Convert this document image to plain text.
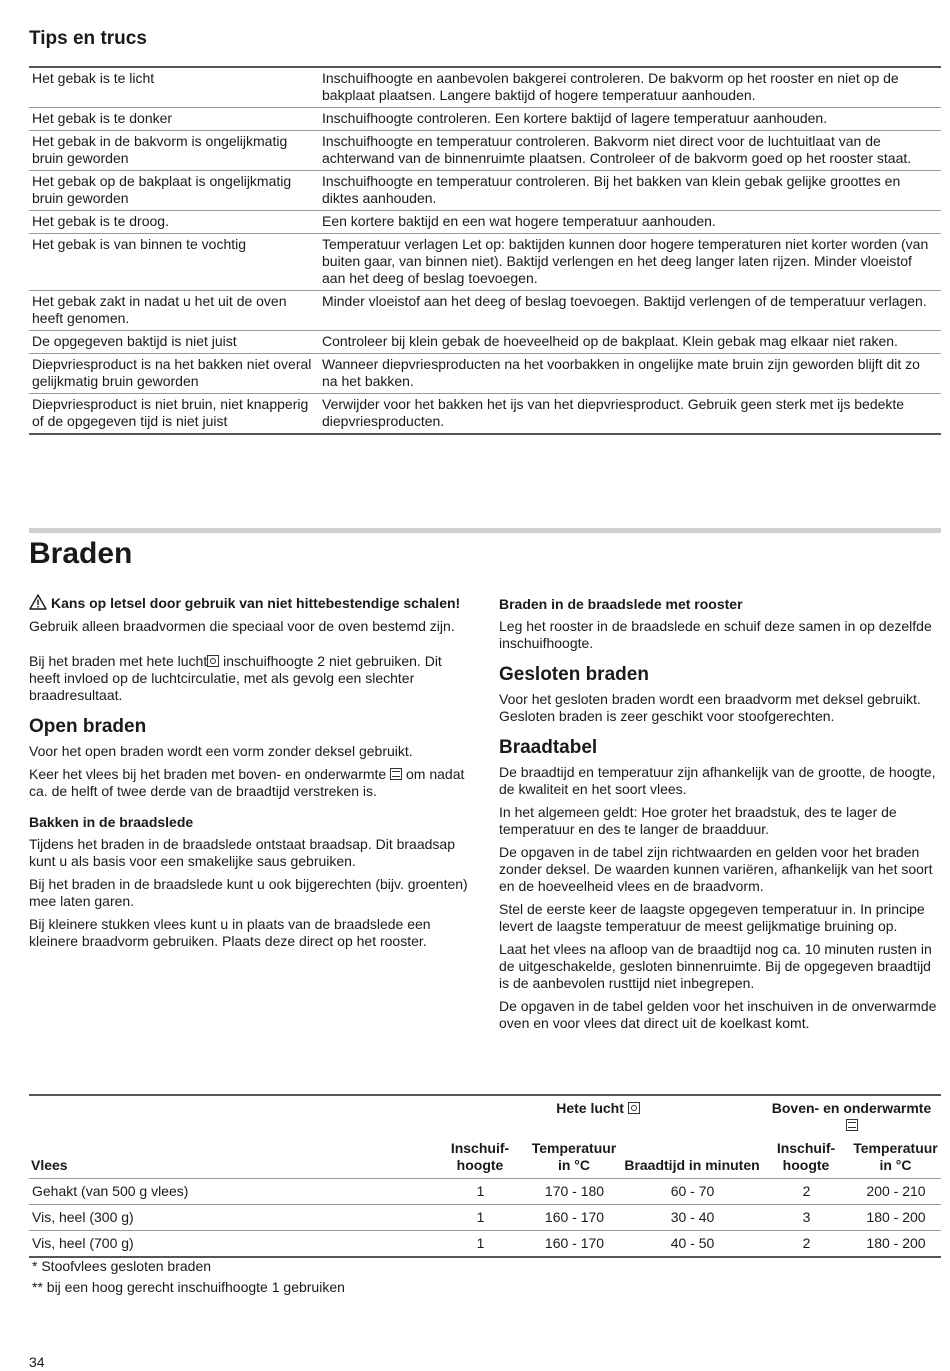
Tips en trucs
Het gebak is te licht	Inschuifhoogte en aanbevolen bakgerei controleren. De bakvorm op het rooster en niet op de bakplaat plaatsen. Langere baktijd of hogere temperatuur aanhouden.
Het gebak is te donker	Inschuifhoogte controleren. Een kortere baktijd of lagere temperatuur aanhouden.
Het gebak in de bakvorm is ongelijkmatig bruin geworden	Inschuifhoogte en temperatuur controleren. Bakvorm niet direct voor de luchtuitlaat van de achterwand van de binnenruimte plaatsen. Controleer of de bakvorm goed op het rooster staat.
Het gebak op de bakplaat is ongelijkmatig bruin geworden	Inschuifhoogte en temperatuur controleren. Bij het bakken van klein gebak gelijke groottes en diktes aanhouden.
Het gebak is te droog.	Een kortere baktijd en een wat hogere temperatuur aanhouden.
Het gebak is van binnen te vochtig	Temperatuur verlagen Let op: baktijden kunnen door hogere temperaturen niet korter worden (van buiten gaar, van binnen niet). Baktijd verlengen en het deeg langer laten rijzen. Minder vloeistof aan het deeg of beslag toevoegen.
Het gebak zakt in nadat u het uit de oven heeft genomen.	Minder vloeistof aan het deeg of beslag toevoegen. Baktijd verlengen of de temperatuur verlagen.
De opgegeven baktijd is niet juist	Controleer bij klein gebak de hoeveelheid op de bakplaat. Klein gebak mag elkaar niet raken.
Diepvriesproduct is na het bakken niet overal gelijkmatig bruin geworden	Wanneer diepvriesproducten na het voorbakken in ongelijke mate bruin zijn geworden blijft dit zo na het bakken.
Diepvriesproduct is niet bruin, niet knapperig of de opgegeven tijd is niet juist	Verwijder voor het bakken het ijs van het diepvriesproduct. Gebruik geen sterk met ijs bedekte diepvriesproducten.
Braden

Kans op letsel door gebruik van niet hittebestendige schalen!

Gebruik alleen braadvormen die speciaal voor de oven bestemd zijn.

Bij het braden met hete lucht inschuifhoogte 2 niet gebruiken. Dit heeft invloed op de luchtcirculatie, met als gevolg een slechter braadresultaat.

Open braden

Voor het open braden wordt een vorm zonder deksel gebruikt.

Keer het vlees bij het braden met boven- en onderwarmte om nadat ca. de helft of twee derde van de braadtijd verstreken is.

Bakken in de braadslede

Tijdens het braden in de braadslede ontstaat braadsap. Dit braadsap kunt u als basis voor een smakelijke saus gebruiken.

Bij het braden in de braadslede kunt u ook bijgerechten (bijv. groenten) mee laten garen.

Bij kleinere stukken vlees kunt u in plaats van de braadslede een kleinere braadvorm gebruiken. Plaats deze direct op het rooster.

Braden in de braadslede met rooster

Leg het rooster in de braadslede en schuif deze samen in op dezelfde inschuifhoogte.

Gesloten braden

Voor het gesloten braden wordt een braadvorm met deksel gebruikt. Gesloten braden is zeer geschikt voor stoofgerechten.

Braadtabel

De braadtijd en temperatuur zijn afhankelijk van de grootte, de hoogte, de kwaliteit en het soort vlees.

In het algemeen geldt: Hoe groter het braadstuk, des te lager de temperatuur en des te langer de braadduur.

De opgaven in de tabel zijn richtwaarden en gelden voor het braden zonder deksel. De waarden kunnen variëren, afhankelijk van het soort en de hoeveelheid vlees en de braadvorm.

Stel de eerste keer de laagste opgegeven temperatuur in. In principe levert de laagste temperatuur de meest gelijkmatige bruining op.

Laat het vlees na afloop van de braadtijd nog ca. 10 minuten rusten in de uitgeschakelde, gesloten binnenruimte. Bij de opgegeven braadtijd is de aanbevolen rusttijd niet inbegrepen.

De opgaven in de tabel gelden voor het inschuiven in de onverwarmde oven en voor vlees dat direct uit de koelkast komt.

	Hete lucht			Boven- en onderwarmte	
Vlees	Inschuifhoogte	Temperatuur in °C	Braadtijd in minuten	Inschuifhoogte	Temperatuur in °C
Gehakt (van 500 g vlees)	1	170 - 180	60 - 70	2	200 - 210
Vis, heel (300 g)	1	160 - 170	30 - 40	3	180 - 200
Vis, heel (700 g)	1	160 - 170	40 - 50	2	180 - 200
* Stoofvlees gesloten braden
** bij een hoog gerecht inschuifhoogte 1 gebruiken
34
